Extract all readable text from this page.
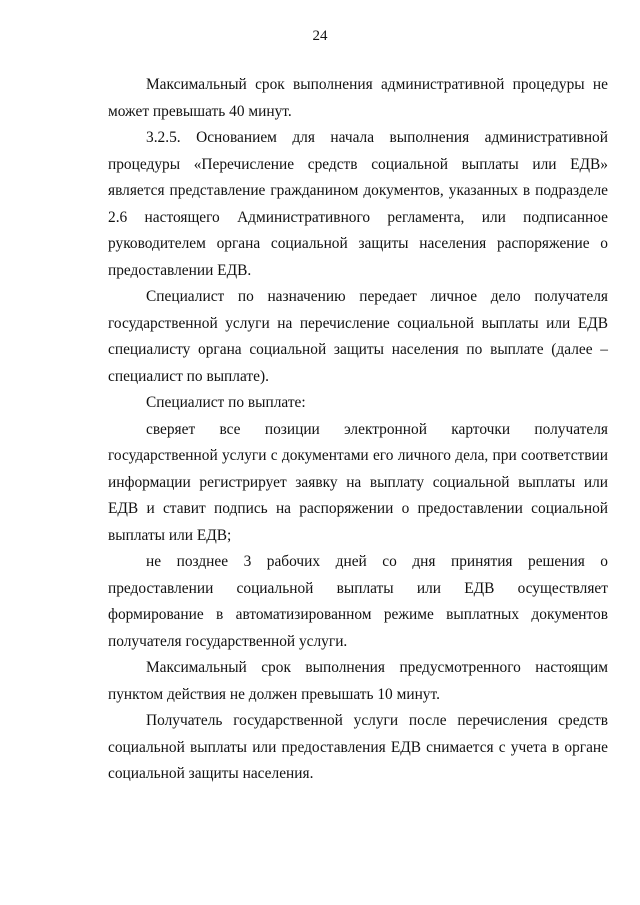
24

Максимальный срок выполнения административной процедуры не может превышать 40 минут.

3.2.5. Основанием для начала выполнения административной процедуры «Перечисление средств социальной выплаты или ЕДВ» является представление гражданином документов, указанных в подразделе 2.6 настоящего Административного регламента, или подписанное руководителем органа социальной защиты населения распоряжение о предоставлении ЕДВ.

Специалист по назначению передает личное дело получателя государственной услуги на перечисление социальной выплаты или ЕДВ специалисту органа социальной защиты населения по выплате (далее – специалист по выплате).

Специалист по выплате:

сверяет все позиции электронной карточки получателя государственной услуги с документами его личного дела, при соответствии информации регистрирует заявку на выплату социальной выплаты или ЕДВ и ставит подпись на распоряжении о предоставлении социальной выплаты или ЕДВ;

не позднее 3 рабочих дней со дня принятия решения о предоставлении социальной выплаты или ЕДВ осуществляет формирование в автоматизированном режиме выплатных документов получателя государственной услуги.

Максимальный срок выполнения предусмотренного настоящим пунктом действия не должен превышать 10 минут.

Получатель государственной услуги после перечисления средств социальной выплаты или предоставления ЕДВ снимается с учета в органе социальной защиты населения.
